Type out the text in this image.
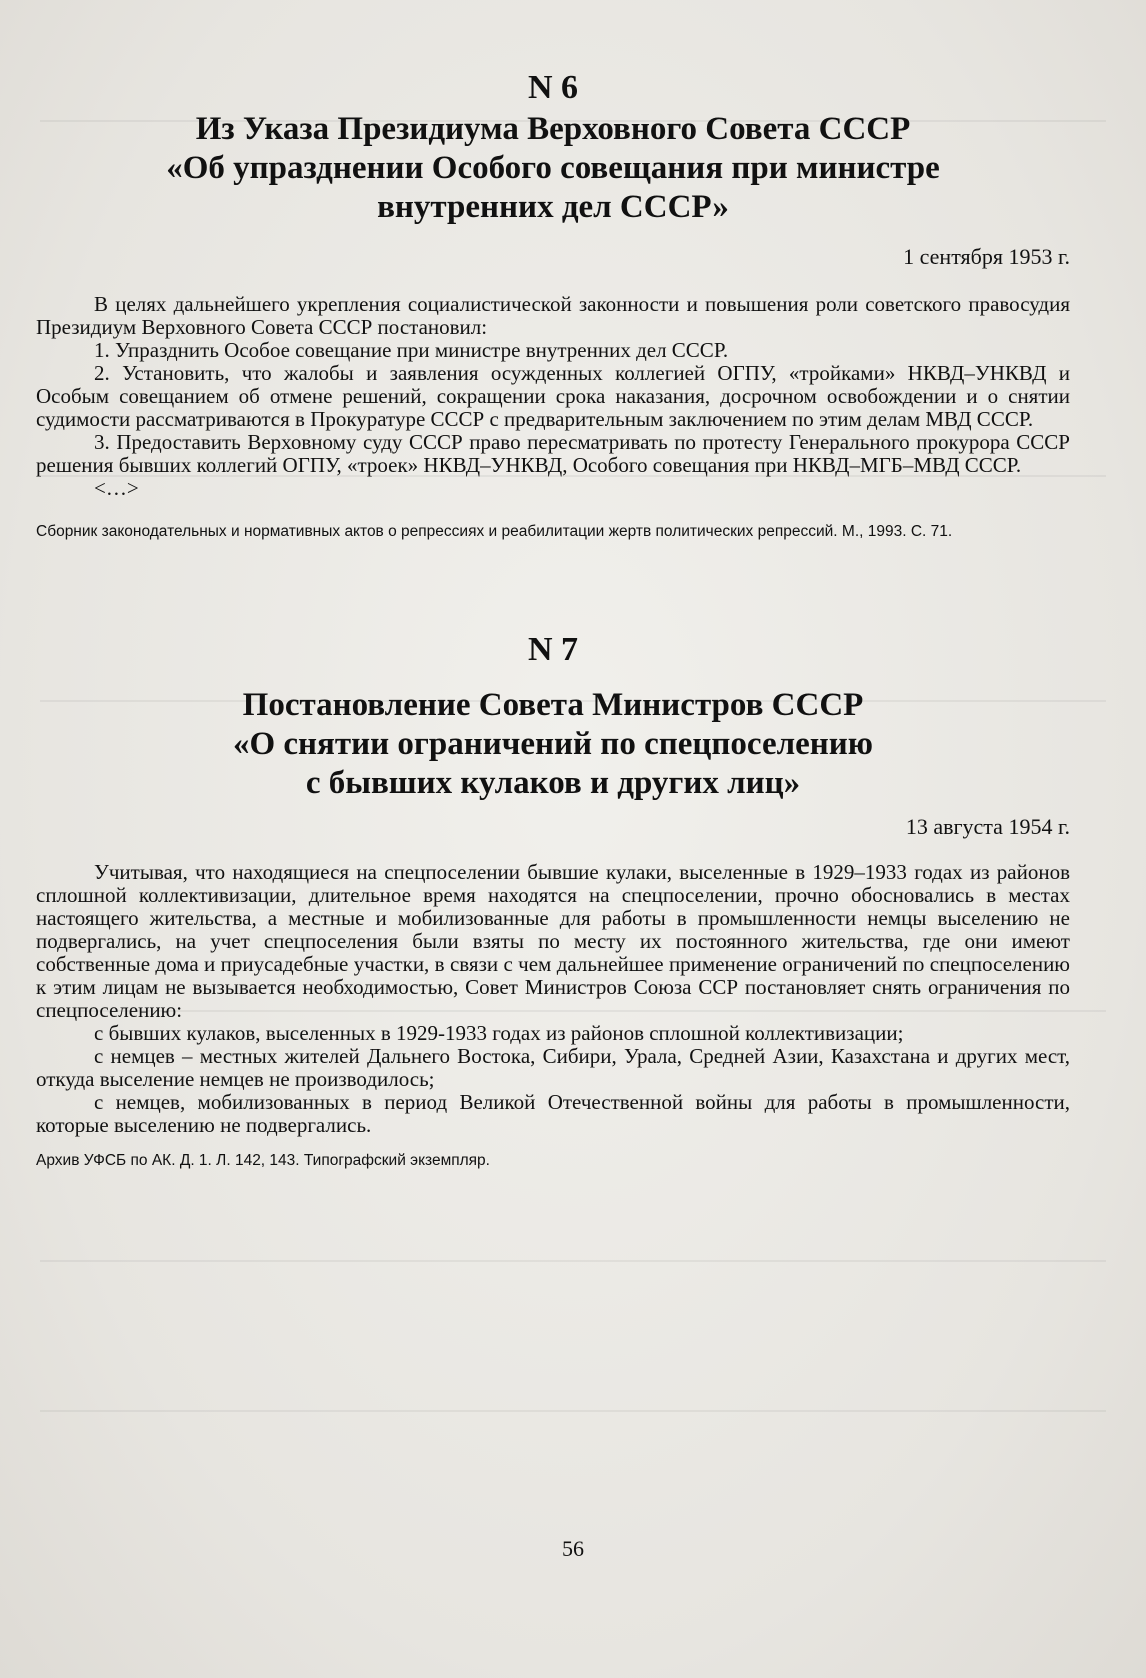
N 6
Из Указа Президиума Верховного Совета СССР
«Об упразднении Особого совещания при министре
внутренних дел СССР»
1 сентября 1953 г.

В целях дальнейшего укрепления социалистической законности и повышения роли советского правосудия Президиум Верховного Совета СССР постановил:

1. Упразднить Особое совещание при министре внутренних дел СССР.

2. Установить, что жалобы и заявления осужденных коллегией ОГПУ, «тройками» НКВД–УНКВД и Особым совещанием об отмене решений, сокращении срока наказания, досрочном освобождении и о снятии судимости рассматриваются в Прокуратуре СССР с предварительным заключением по этим делам МВД СССР.

3. Предоставить Верховному суду СССР право пересматривать по протесту Генерального прокурора СССР решения бывших коллегий ОГПУ, «троек» НКВД–УНКВД, Особого совещания при НКВД–МГБ–МВД СССР.

<…>

Сборник законодательных и нормативных актов о репрессиях и реабилитации жертв политических репрессий. М., 1993. С. 71.

N 7
Постановление Совета Министров СССР
«О снятии ограничений по спецпоселению
с бывших кулаков и других лиц»
13 августа 1954 г.

Учитывая, что находящиеся на спецпоселении бывшие кулаки, выселенные в 1929–1933 годах из районов сплошной коллективизации, длительное время находятся на спецпоселении, прочно обосновались в местах настоящего жительства, а местные и мобилизованные для работы в промышленности немцы выселению не подвергались, на учет спецпоселения были взяты по месту их постоянного жительства, где они имеют собственные дома и приусадебные участки, в связи с чем дальнейшее применение ограничений по спецпоселению к этим лицам не вызывается необходимостью, Совет Министров Союза ССР постановляет снять ограничения по спецпоселению:

с бывших кулаков, выселенных в 1929-1933 годах из районов сплошной коллективизации;

с немцев – местных жителей Дальнего Востока, Сибири, Урала, Средней Азии, Казахстана и других мест, откуда выселение немцев не производилось;

с немцев, мобилизованных в период Великой Отечественной войны для работы в промышленности, которые выселению не подвергались.

Архив УФСБ по АК. Д. 1. Л. 142, 143. Типографский экземпляр.

56
